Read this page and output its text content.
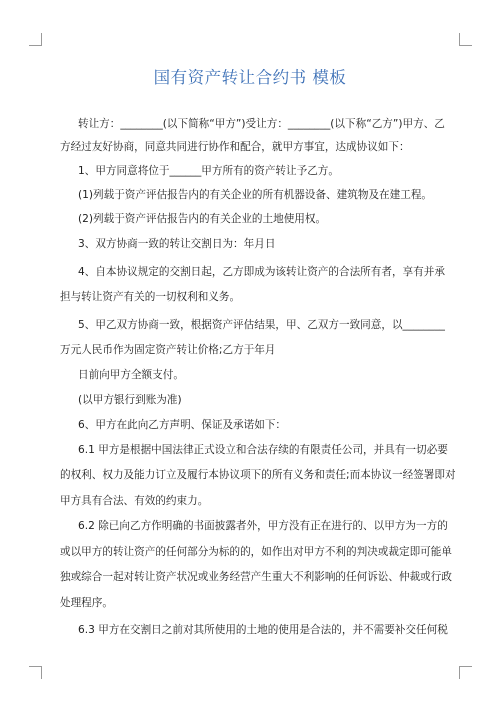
国有资产转让合约书 模板
转让方：________(以下简称“甲方”)受让方：________(以下称“乙方”)甲方、乙
方经过友好协商，同意共同进行协作和配合，就甲方事宜，达成协议如下：
1、甲方同意将位于______甲方所有的资产转让予乙方。
(1)列载于资产评估报告内的有关企业的所有机器设备、建筑物及在建工程。
(2)列载于资产评估报告内的有关企业的土地使用权。
3、双方协商一致的转让交割日为：年月日
4、自本协议规定的交割日起，乙方即成为该转让资产的合法所有者，享有并承
担与转让资产有关的一切权利和义务。
5、甲乙双方协商一致，根据资产评估结果，甲、乙双方一致同意，以________
万元人民币作为固定资产转让价格;乙方于年月
日前向甲方全额支付。
(以甲方银行到账为准)
6、甲方在此向乙方声明、保证及承诺如下：
6.1 甲方是根据中国法律正式设立和合法存续的有限责任公司，并具有一切必要
的权利、权力及能力订立及履行本协议项下的所有义务和责任;而本协议一经签署即对
甲方具有合法、有效的约束力。
6.2 除已向乙方作明确的书面披露者外，甲方没有正在进行的、以甲方为一方的
或以甲方的转让资产的任何部分为标的的，如作出对甲方不利的判决或裁定即可能单
独或综合一起对转让资产状况或业务经营产生重大不利影响的任何诉讼、仲裁或行政
处理程序。
6.3 甲方在交割日之前对其所使用的土地的使用是合法的，并不需要补交任何税
